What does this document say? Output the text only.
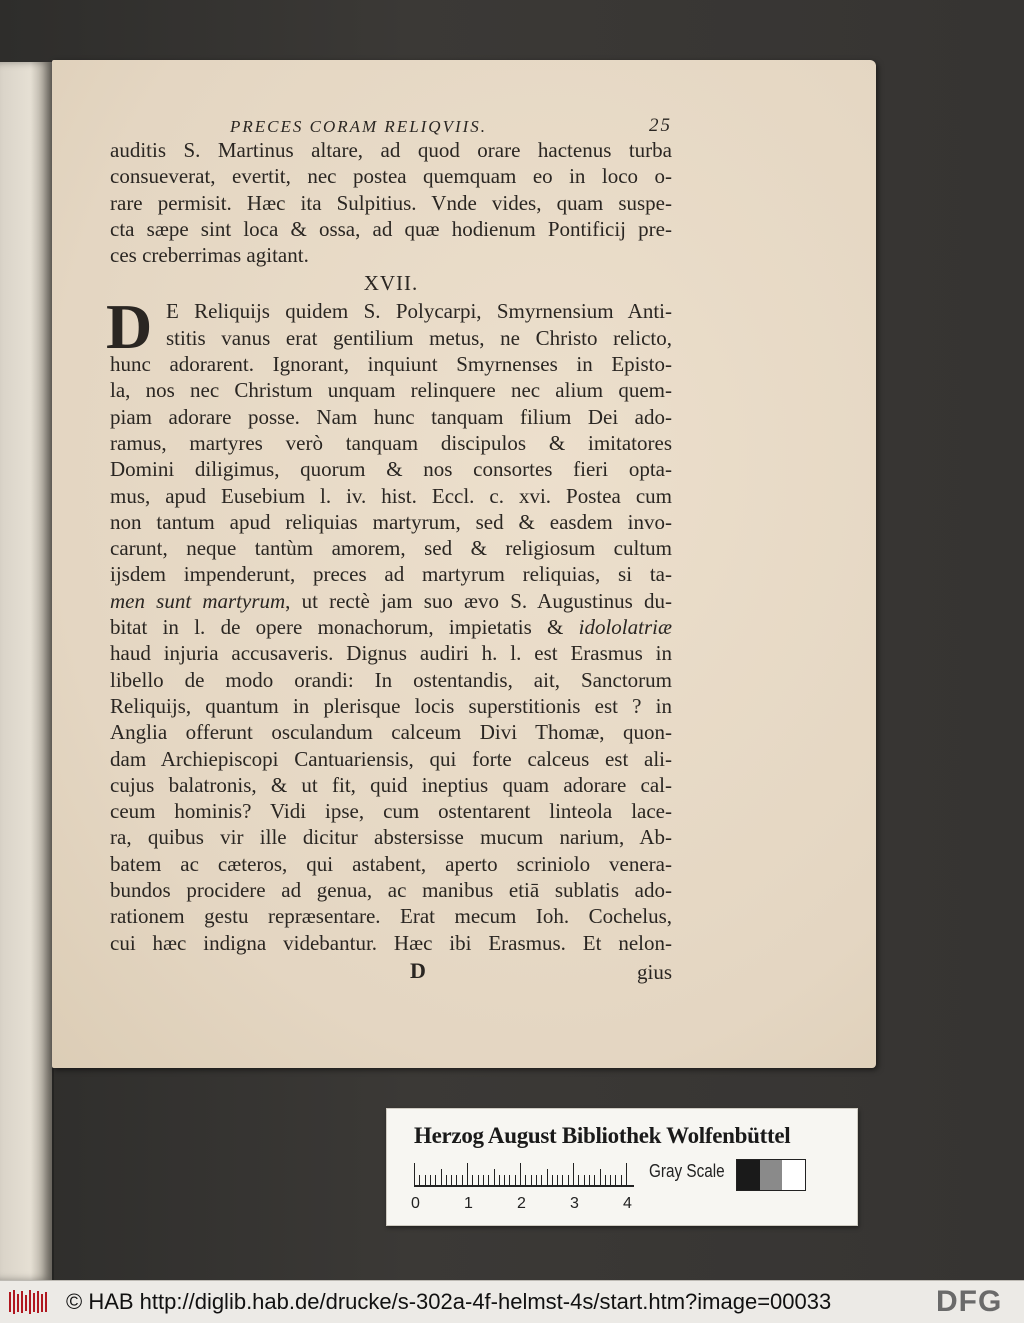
PRECES CORAM RELIQVIIS.	25
auditis S. Martinus altare, ad quod orare hactenus turba
consueverat, evertit, nec postea quemquam eo in loco o-
rare permisit. Hæc ita Sulpitius. Vnde vides, quam suspe-
cta sæpe sint loca & ossa, ad quæ hodienum Pontificij pre-
ces creberrimas agitant.
XVII.
D E Reliquijs quidem S. Polycarpi, Smyrnensium Anti-
stitis vanus erat gentilium metus, ne Christo relicto,
hunc adorarent. Ignorant, inquiunt Smyrnenses in Episto-
la, nos nec Christum unquam relinquere nec alium quem-
piam adorare posse. Nam hunc tanquam filium Dei ado-
ramus, martyres verò tanquam discipulos & imitatores
Domini diligimus, quorum & nos consortes fieri opta-
mus, apud Eusebium l. iv. hist. Eccl. c. xvi. Postea cum
non tantum apud reliquias martyrum, sed & easdem invo-
carunt, neque tantùm amorem, sed & religiosum cultum
ijsdem impenderunt, preces ad martyrum reliquias, si ta-
men sunt martyrum, ut rectè jam suo ævo S. Augustinus du-
bitat in l. de opere monachorum, impietatis & idololatriæ
haud injuria accusaveris. Dignus audiri h. l. est Erasmus in
libello de modo orandi: In ostentandis, ait, Sanctorum
Reliquijs, quantum in plerisque locis superstitionis est ? in
Anglia offerunt osculandum calceum Divi Thomæ, quon-
dam Archiepiscopi Cantuariensis, qui forte calceus est ali-
cujus balatronis, & ut fit, quid ineptius quam adorare cal-
ceum hominis? Vidi ipse, cum ostentarent linteola lace-
ra, quibus vir ille dicitur abstersisse mucum narium, Ab-
batem ac cæteros, qui astabent, aperto scriniolo venera-
bundos procidere ad genua, ac manibus etiā sublatis ado-
rationem gestu repræsentare. Erat mecum Ioh. Cochelus,
cui hæc indigna videbantur. Hæc ibi Erasmus. Et nelon-
D	gius
Herzog August Bibliothek Wolfenbüttel
0	1	2	3	4
Gray Scale
© HAB http://diglib.hab.de/drucke/s-302a-4f-helmst-4s/start.htm?image=00033	DFG
